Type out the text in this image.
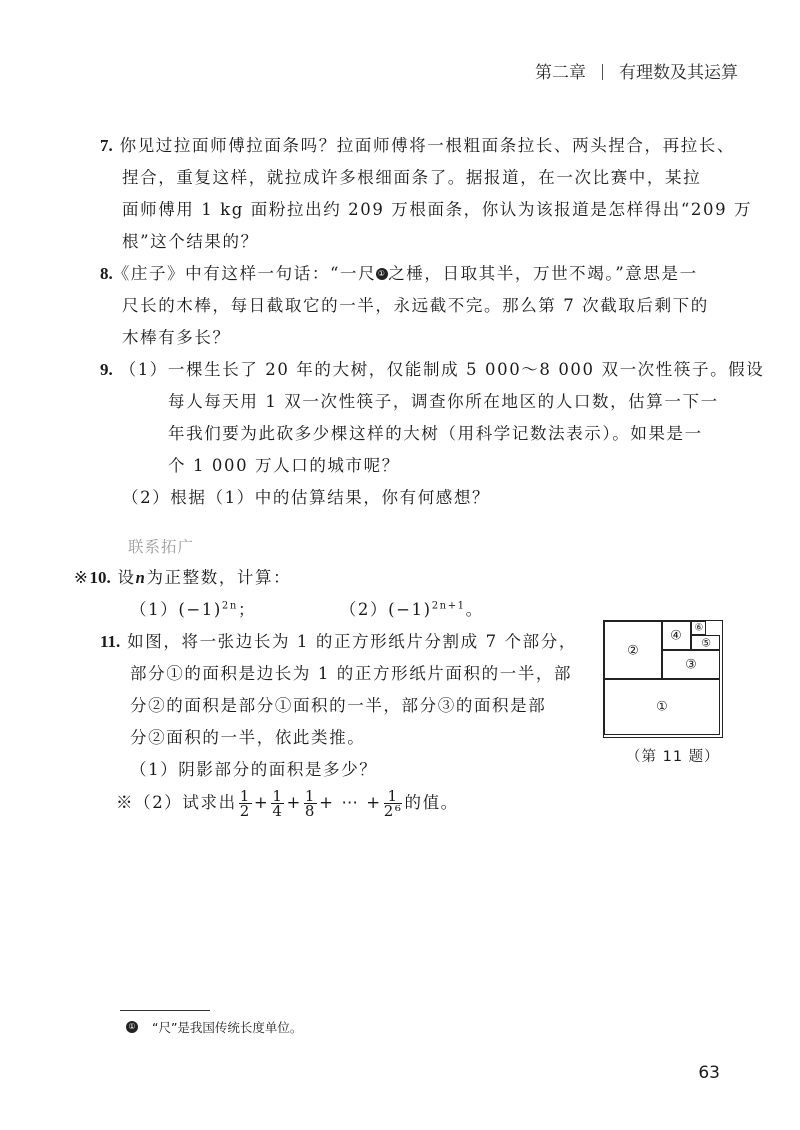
第二章 有理数及其运算
7. 你见过拉面师傅拉面条吗？拉面师傅将一根粗面条拉长、两头捏合，再拉长、
捏合，重复这样，就拉成许多根细面条了。据报道，在一次比赛中，某拉
面师傅用 1 kg 面粉拉出约 209 万根面条，你认为该报道是怎样得出“209 万
根”这个结果的？
8.《庄子》中有这样一句话：“一尺 ①之棰，日取其半，万世不竭。”意思是一
尺长的木棒，每日截取它的一半，永远截不完。那么第 7 次截取后剩下的
木棒有多长？
9. （1）一棵生长了 20 年的大树，仅能制成 5 000～8 000 双一次性筷子。假设
每人每天用 1 双一次性筷子，调查你所在地区的人口数，估算一下一
年我们要为此砍多少棵这样的大树（用科学记数法表示）。如果是一
个 1 000 万人口的城市呢？
（2）根据（1）中的估算结果，你有何感想？
联系拓广
※10. 设n为正整数，计算：
$(1)(-1)^{2n}$；	$(2)(-1)^{2n+1}$。
11. 如图，将一张边长为 1 的正方形纸片分割成 7 个部分，
部分①的面积是边长为 1 的正方形纸片面积的一半，部
分②的面积是部分①面积的一半，部分③的面积是部
分②面积的一半，依此类推。
（1）阴影部分的面积是多少？
※（2）试求出 $\frac{1}{2} + \frac{1}{4} + \frac{1}{8}$ + ⋯ + $\frac{1}{\text{2⁶}}$ 的值。
①
②
③
④ ⑤
⑥
（第 11 题）
① “尺”是我国传统长度单位。
63
